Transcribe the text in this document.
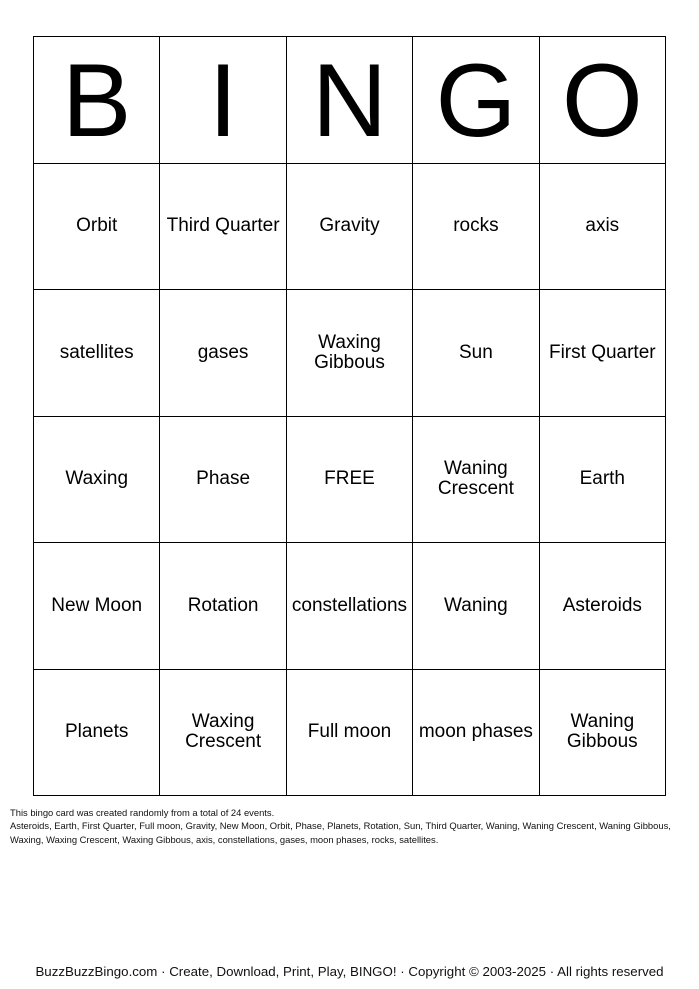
B I N G O
Orbit	Third Quarter	Gravity	rocks	axis
satellites	gases	Waxing Gibbous	Sun	First Quarter
Waxing	Phase	FREE	Waning Crescent	Earth
New Moon	Rotation	constellations	Waning	Asteroids
Planets	Waxing Crescent	Full moon	moon phases	Waning Gibbous

This bingo card was created randomly from a total of 24 events.

Asteroids, Earth, First Quarter, Full moon, Gravity, New Moon, Orbit, Phase, Planets, Rotation, Sun, Third Quarter, Waning, Waning Crescent, Waning Gibbous, Waxing, Waxing Crescent, Waxing Gibbous, axis, constellations, gases, moon phases, rocks, satellites.

BuzzBuzzBingo.com · Create, Download, Print, Play, BINGO! · Copyright © 2003-2025 · All rights reserved
